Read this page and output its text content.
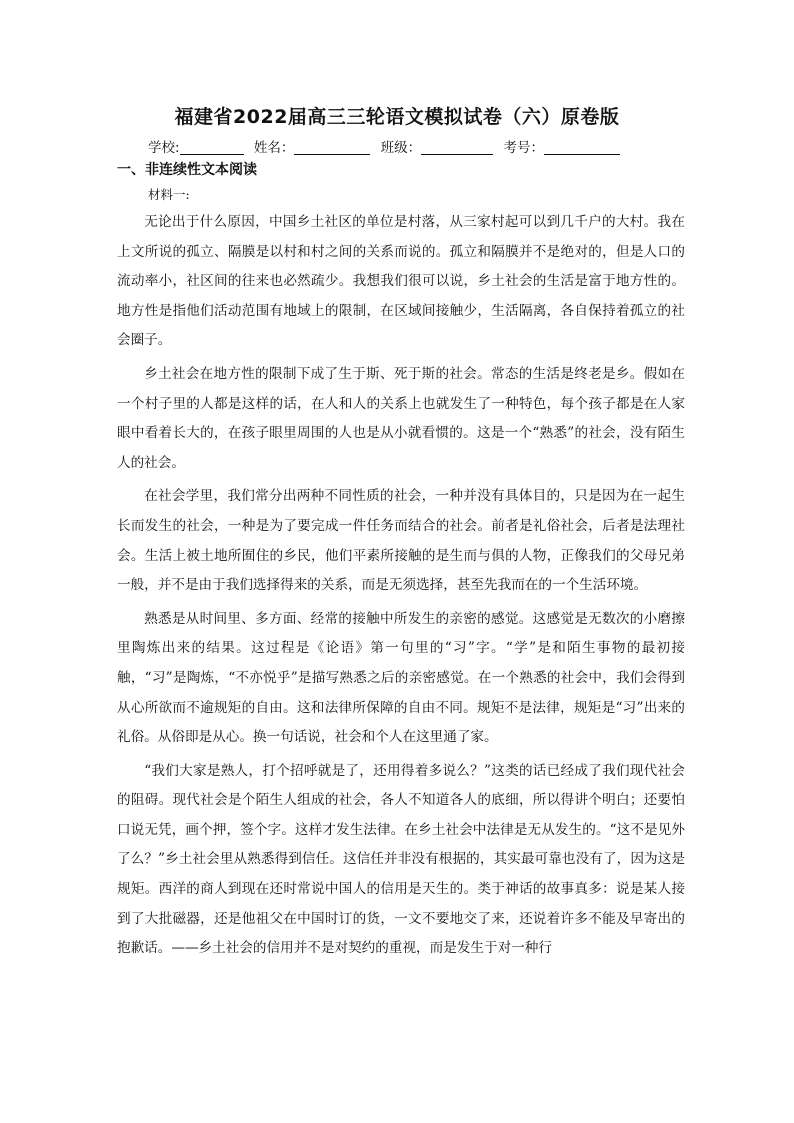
福建省2022届高三三轮语文模拟试卷（六）原卷版
学校:	姓名：	班级：	考号：
一、非连续性文本阅读
材料一:

无论出于什么原因，中国乡土社区的单位是村落，从三家村起可以到几千户的大村。我在上文所说的孤立、隔膜是以村和村之间的关系而说的。孤立和隔膜并不是绝对的，但是人口的流动率小，社区间的往来也必然疏少。我想我们很可以说，乡土社会的生活是富于地方性的。地方性是指他们活动范围有地域上的限制，在区域间接触少，生活隔离，各自保持着孤立的社会圈子。

乡土社会在地方性的限制下成了生于斯、死于斯的社会。常态的生活是终老是乡。假如在一个村子里的人都是这样的话，在人和人的关系上也就发生了一种特色，每个孩子都是在人家眼中看着长大的，在孩子眼里周围的人也是从小就看惯的。这是一个“熟悉”的社会，没有陌生人的社会。

在社会学里，我们常分出两种不同性质的社会，一种并没有具体目的，只是因为在一起生长而发生的社会，一种是为了要完成一件任务而结合的社会。前者是礼俗社会，后者是法理社会。生活上被土地所囿住的乡民，他们平素所接触的是生而与俱的人物，正像我们的父母兄弟一般，并不是由于我们选择得来的关系，而是无须选择，甚至先我而在的一个生活环境。

熟悉是从时间里、多方面、经常的接触中所发生的亲密的感觉。这感觉是无数次的小磨擦里陶炼出来的结果。这过程是《论语》第一句里的“习”字。“学”是和陌生事物的最初接触，“习”是陶炼，“不亦悦乎”是描写熟悉之后的亲密感觉。在一个熟悉的社会中，我们会得到从心所欲而不逾规矩的自由。这和法律所保障的自由不同。规矩不是法律，规矩是“习”出来的礼俗。从俗即是从心。换一句话说，社会和个人在这里通了家。

“我们大家是熟人，打个招呼就是了，还用得着多说么？”这类的话已经成了我们现代社会的阻碍。现代社会是个陌生人组成的社会，各人不知道各人的底细，所以得讲个明白；还要怕口说无凭，画个押，签个字。这样才发生法律。在乡土社会中法律是无从发生的。“这不是见外了么？”乡土社会里从熟悉得到信任。这信任并非没有根据的，其实最可靠也没有了，因为这是规矩。西洋的商人到现在还时常说中国人的信用是天生的。类于神话的故事真多：说是某人接到了大批磁器，还是他祖父在中国时订的货，一文不要地交了来，还说着许多不能及早寄出的抱歉话。——乡土社会的信用并不是对契约的重视，而是发生于对一种行
